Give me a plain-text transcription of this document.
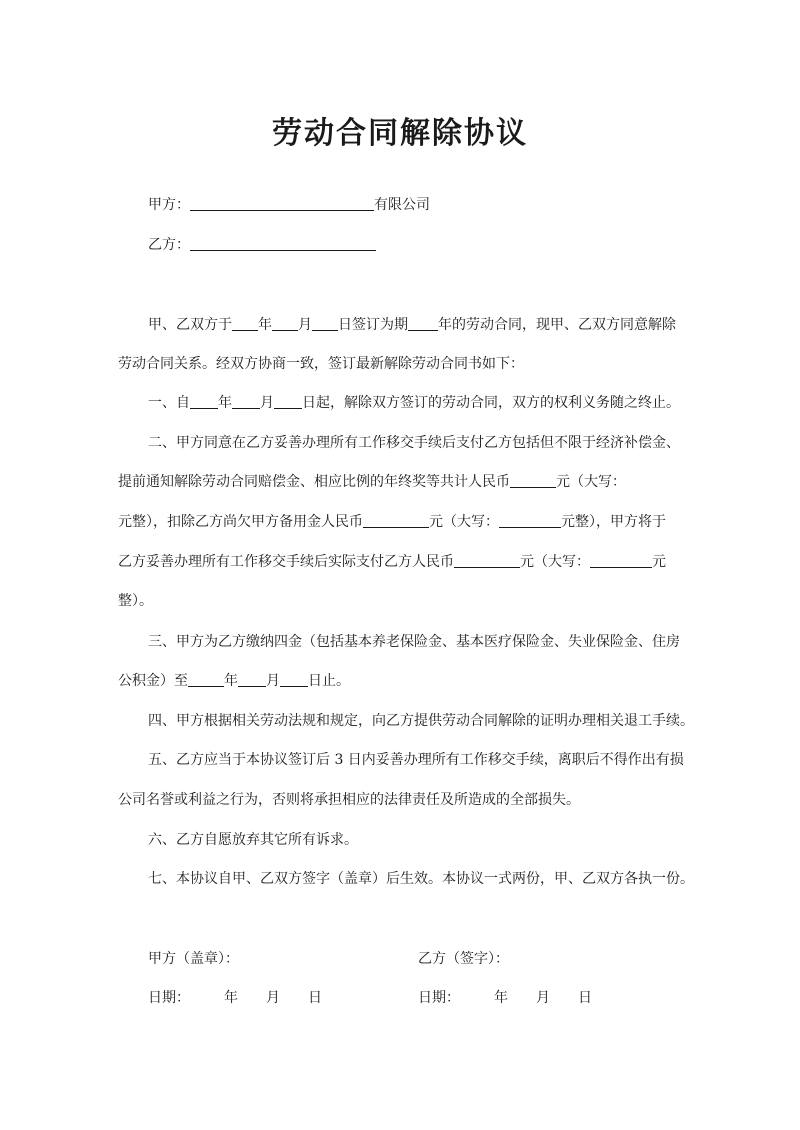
劳动合同解除协议
甲方：	有限公司
乙方：
甲、乙双方于 年 月 日签订为期 年的劳动合同，现甲、乙双方同意解除
劳动合同关系。经双方协商一致，签订最新解除劳动合同书如下：
一、自 年 月 日起，解除双方签订的劳动合同，双方的权利义务随之终止。
二、甲方同意在乙方妥善办理所有工作移交手续后支付乙方包括但不限于经济补偿金、
提前通知解除劳动合同赔偿金、相应比例的年终奖等共计人民币	元（大写：
元整），扣除乙方尚欠甲方备用金人民币	元（大写：	元整），甲方将于
乙方妥善办理所有工作移交手续后实际支付乙方人民币	元（大写：	元
整）。
三、甲方为乙方缴纳四金（包括基本养老保险金、基本医疗保险金、失业保险金、住房
公积金）至	年 月 日止。
四、甲方根据相关劳动法规和规定，向乙方提供劳动合同解除的证明办理相关退工手续。
五、乙方应当于本协议签订后 3 日内妥善办理所有工作移交手续，离职后不得作出有损
公司名誉或利益之行为，否则将承担相应的法律责任及所造成的全部损失。
六、乙方自愿放弃其它所有诉求。
七、本协议自甲、乙双方签字（盖章）后生效。本协议一式两份，甲、乙双方各执一份。
甲方（盖章）：	乙方（签字）：
日期： 年 月 日	日期： 年 月 日
